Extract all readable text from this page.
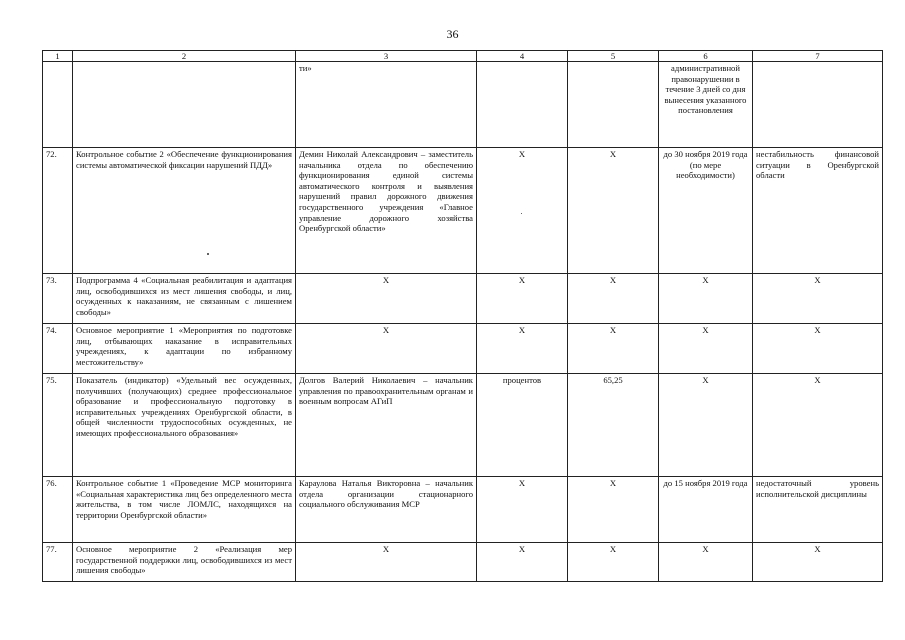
36
1	2	3	4	5	6	7
		ти»			административной правонарушении в течение 3 дней со дня вынесения указанного постановления	
72.	Контрольное событие 2 «Обеспечение функционирования системы автоматической фиксации нарушений ПДД»	Демин Николай Александрович – заместитель начальника отдела по обеспечению функционирования единой системы автоматического контроля и выявления нарушений правил дорожного движения государственного учреждения «Главное управление дорожного хозяйства Оренбургской области»	Х	Х	до 30 ноября 2019 года (по мере необходимости)	нестабильность финансовой ситуации в Оренбургской области
73.	Подпрограмма 4 «Социальная реабилитация и адаптация лиц, освободившихся из мест лишения свободы, и лиц, осужденных к наказаниям, не связанным с лишением свободы»	Х	Х	Х	Х	Х
74.	Основное мероприятие 1 «Мероприятия по подготовке лиц, отбывающих наказание в исправительных учреждениях, к адаптации по избранному местожительству»	Х	Х	Х	Х	Х
75.	Показатель (индикатор) «Удельный вес осужденных, получивших (получающих) среднее профессиональное образование и профессиональную подготовку в исправительных учреждениях Оренбургской области, в общей численности трудоспособных осужденных, не имеющих профессионального образования»	Долгов Валерий Николаевич – начальник управления по правоохранительным органам и военным вопросам АГиП	процентов	65,25	Х	Х
76.	Контрольное событие 1 «Проведение МСР мониторинга «Социальная характеристика лиц без определенного места жительства, в том числе ЛОМЛС, находящихся на территории Оренбургской области»	Караулова Наталья Викторовна – начальник отдела организации стационарного социального обслуживания МСР	Х	Х	до 15 ноября 2019 года	недостаточный уровень исполнительской дисциплины
77.	Основное мероприятие 2 «Реализация мер государственной поддержки лиц, освободившихся из мест лишения свободы»	Х	Х	Х	Х	Х
